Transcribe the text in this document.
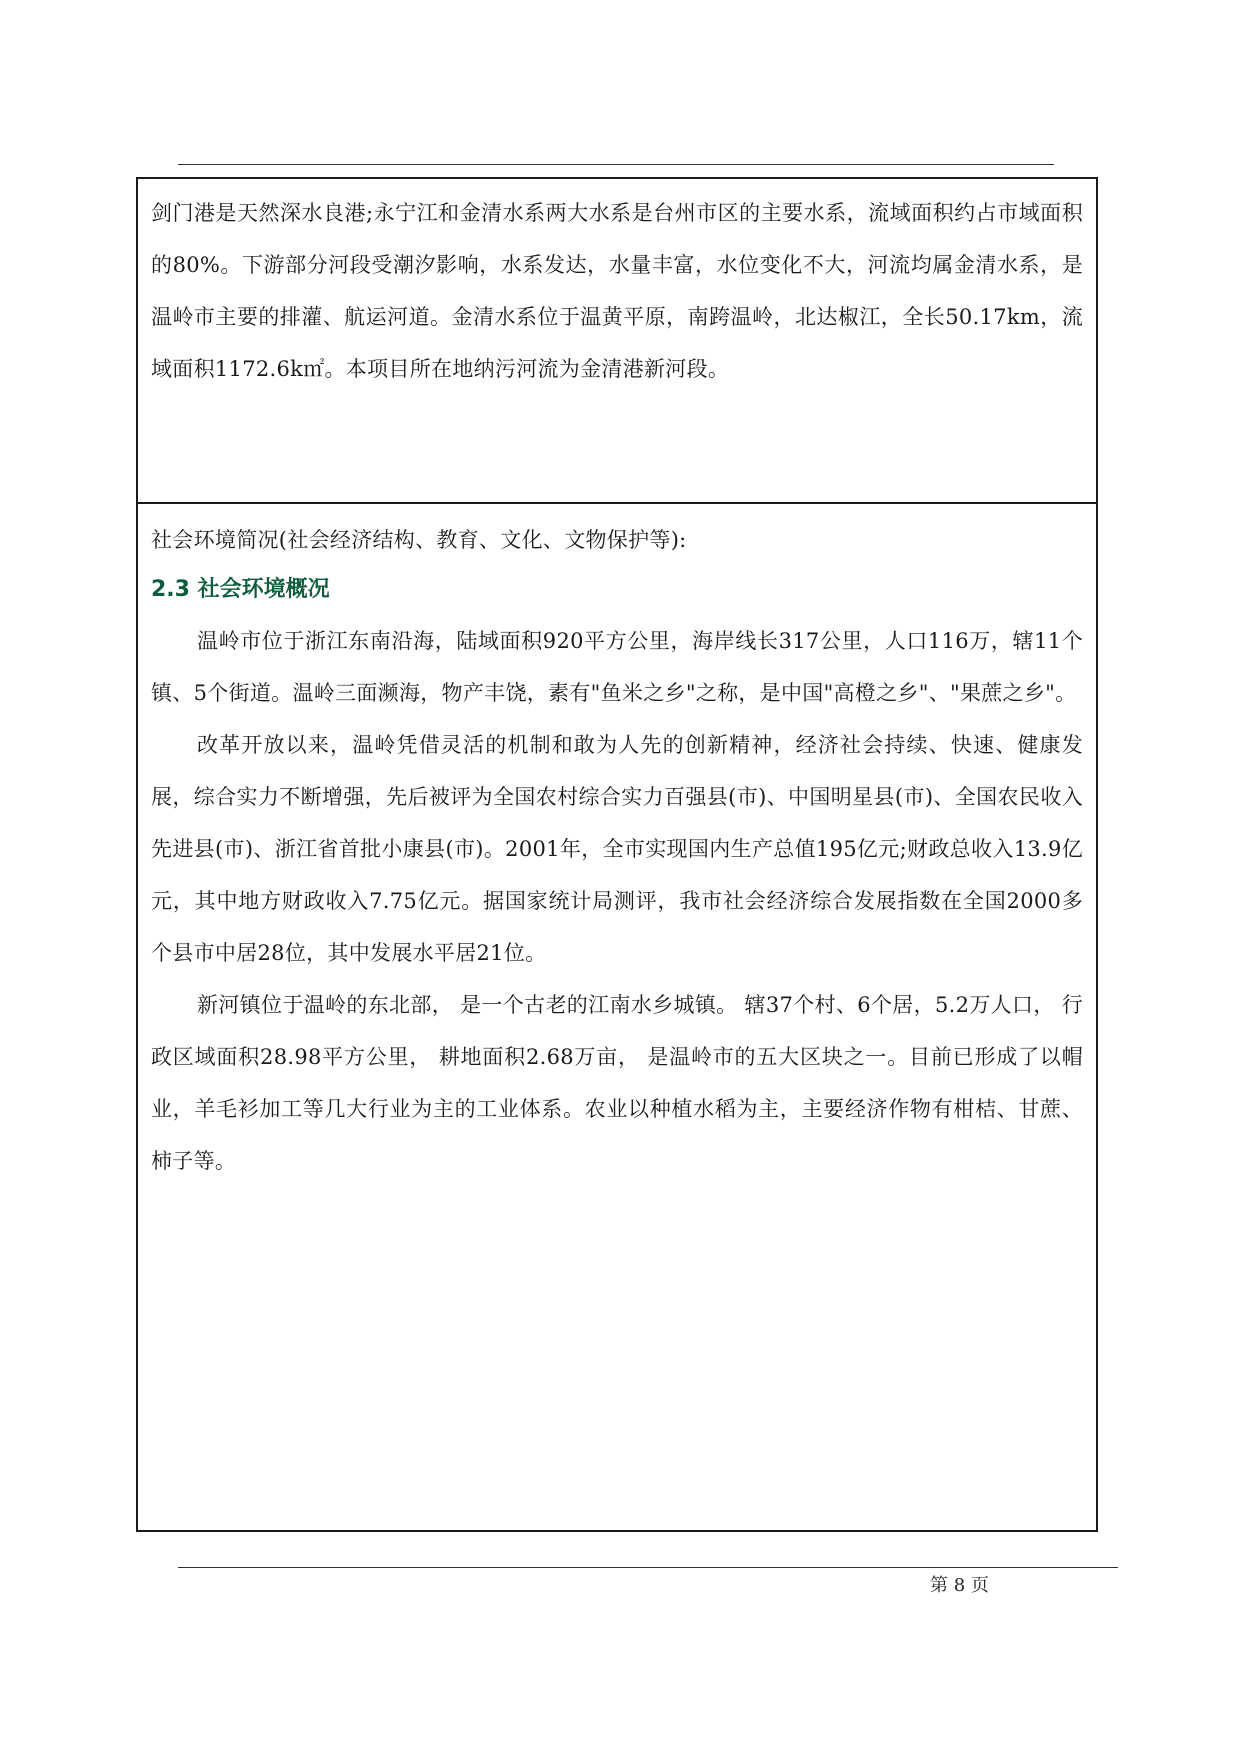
剑门港是天然深水良港;永宁江和金清水系两大水系是台州市区的主要水系，流域面积约占市域面积的80%。下游部分河段受潮汐影响，水系发达，水量丰富，水位变化不大，河流均属金清水系，是温岭市主要的排灌、航运河道。金清水系位于温黄平原，南跨温岭，北达椒江，全长50.17km，流域面积1172.6k㎡。本项目所在地纳污河流为金清港新河段。

社会环境简况(社会经济结构、教育、文化、文物保护等):

2.3 社会环境概况

温岭市位于浙江东南沿海，陆域面积920平方公里，海岸线长317公里，人口116万，辖11个镇、5个街道。温岭三面濒海，物产丰饶，素有"鱼米之乡"之称，是中国"高橙之乡"、"果蔗之乡"。

改革开放以来，温岭凭借灵活的机制和敢为人先的创新精神，经济社会持续、快速、健康发展，综合实力不断增强，先后被评为全国农村综合实力百强县(市)、中国明星县(市)、全国农民收入先进县(市)、浙江省首批小康县(市)。2001年，全市实现国内生产总值195亿元;财政总收入13.9亿元，其中地方财政收入7.75亿元。据国家统计局测评，我市社会经济综合发展指数在全国2000多个县市中居28位，其中发展水平居21位。

新河镇位于温岭的东北部， 是一个古老的江南水乡城镇。 辖37个村、6个居，5.2万人口， 行政区域面积28.98平方公里， 耕地面积2.68万亩， 是温岭市的五大区块之一。目前已形成了以帽业，羊毛衫加工等几大行业为主的工业体系。农业以种植水稻为主，主要经济作物有柑桔、甘蔗、柿子等。

第 8 页
